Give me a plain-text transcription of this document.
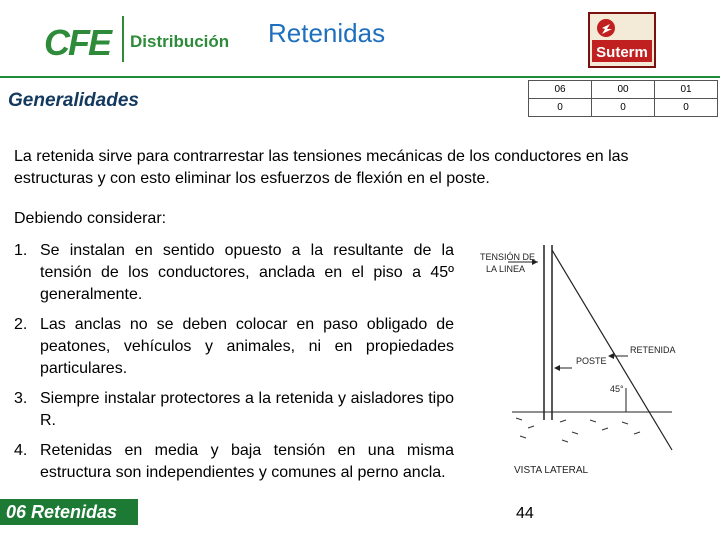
CFE Distribución Retenidas
Suterm
Generalidades
06	00	01
0	0	0
La retenida sirve para contrarrestar las tensiones mecánicas de los conductores en las estructuras y con esto eliminar los esfuerzos de flexión en el poste.
Debiendo considerar:
1. Se instalan en sentido opuesto a la resultante de la tensión de los conductores, anclada en el piso a 45º generalmente.
2. Las anclas no se deben colocar en paso obligado de peatones, vehículos y animales, ni en propiedades particulares.
3. Siempre instalar protectores a la retenida y aisladores tipo R.
4. Retenidas en media y baja tensión en una misma estructura son independientes y comunes al perno ancla.
TENSIÓN DE
LA LINEA
RETENIDA
POSTE
45°
VISTA LATERAL
06 Retenidas	44
